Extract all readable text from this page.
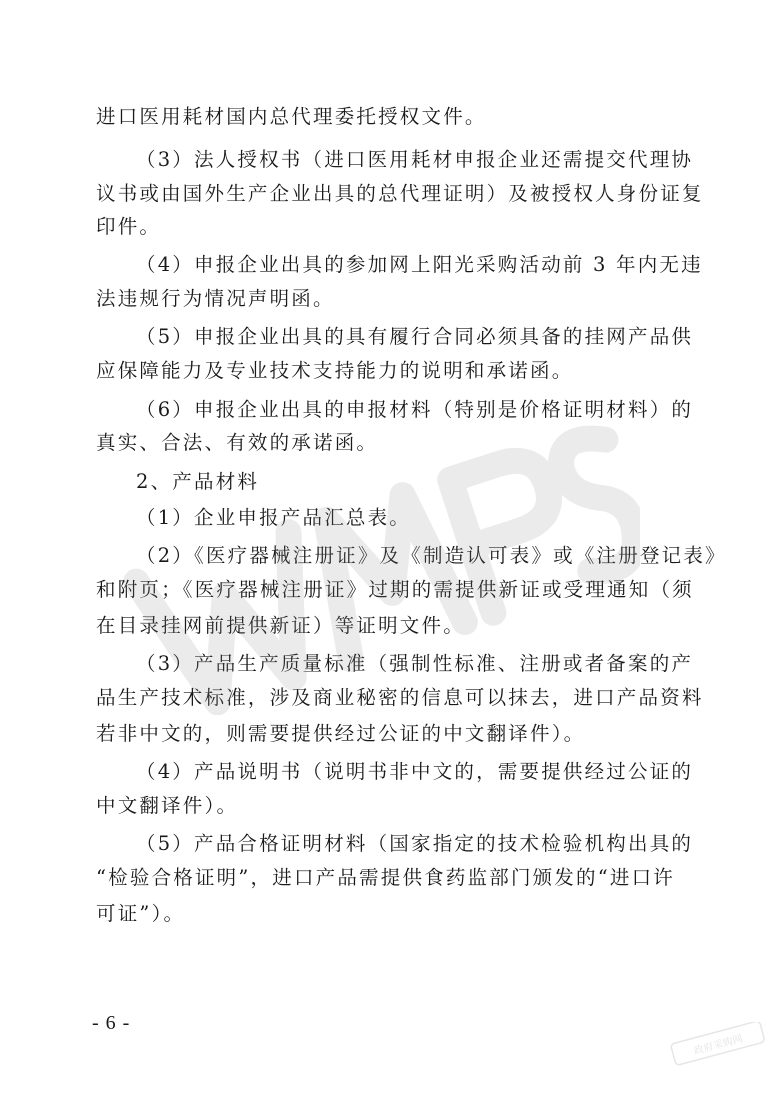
进口医用耗材国内总代理委托授权文件。
（3）法人授权书（进口医用耗材申报企业还需提交代理协
议书或由国外生产企业出具的总代理证明）及被授权人身份证复
印件。
（4）申报企业出具的参加网上阳光采购活动前 3 年内无违
法违规行为情况声明函。
（5）申报企业出具的具有履行合同必须具备的挂网产品供
应保障能力及专业技术支持能力的说明和承诺函。
（6）申报企业出具的申报材料（特别是价格证明材料）的
真实、合法、有效的承诺函。
2、产品材料
（1）企业申报产品汇总表。
（2）《医疗器械注册证》及《制造认可表》或《注册登记表》
和附页；《医疗器械注册证》过期的需提供新证或受理通知（须
在目录挂网前提供新证）等证明文件。
（3）产品生产质量标准（强制性标准、注册或者备案的产
品生产技术标准，涉及商业秘密的信息可以抹去，进口产品资料
若非中文的，则需要提供经过公证的中文翻译件）。
（4）产品说明书（说明书非中文的，需要提供经过公证的
中文翻译件）。
（5）产品合格证明材料（国家指定的技术检验机构出具的
“检验合格证明”，进口产品需提供食药监部门颁发的“进口许
可证”）。
- 6 -
政府采购网
